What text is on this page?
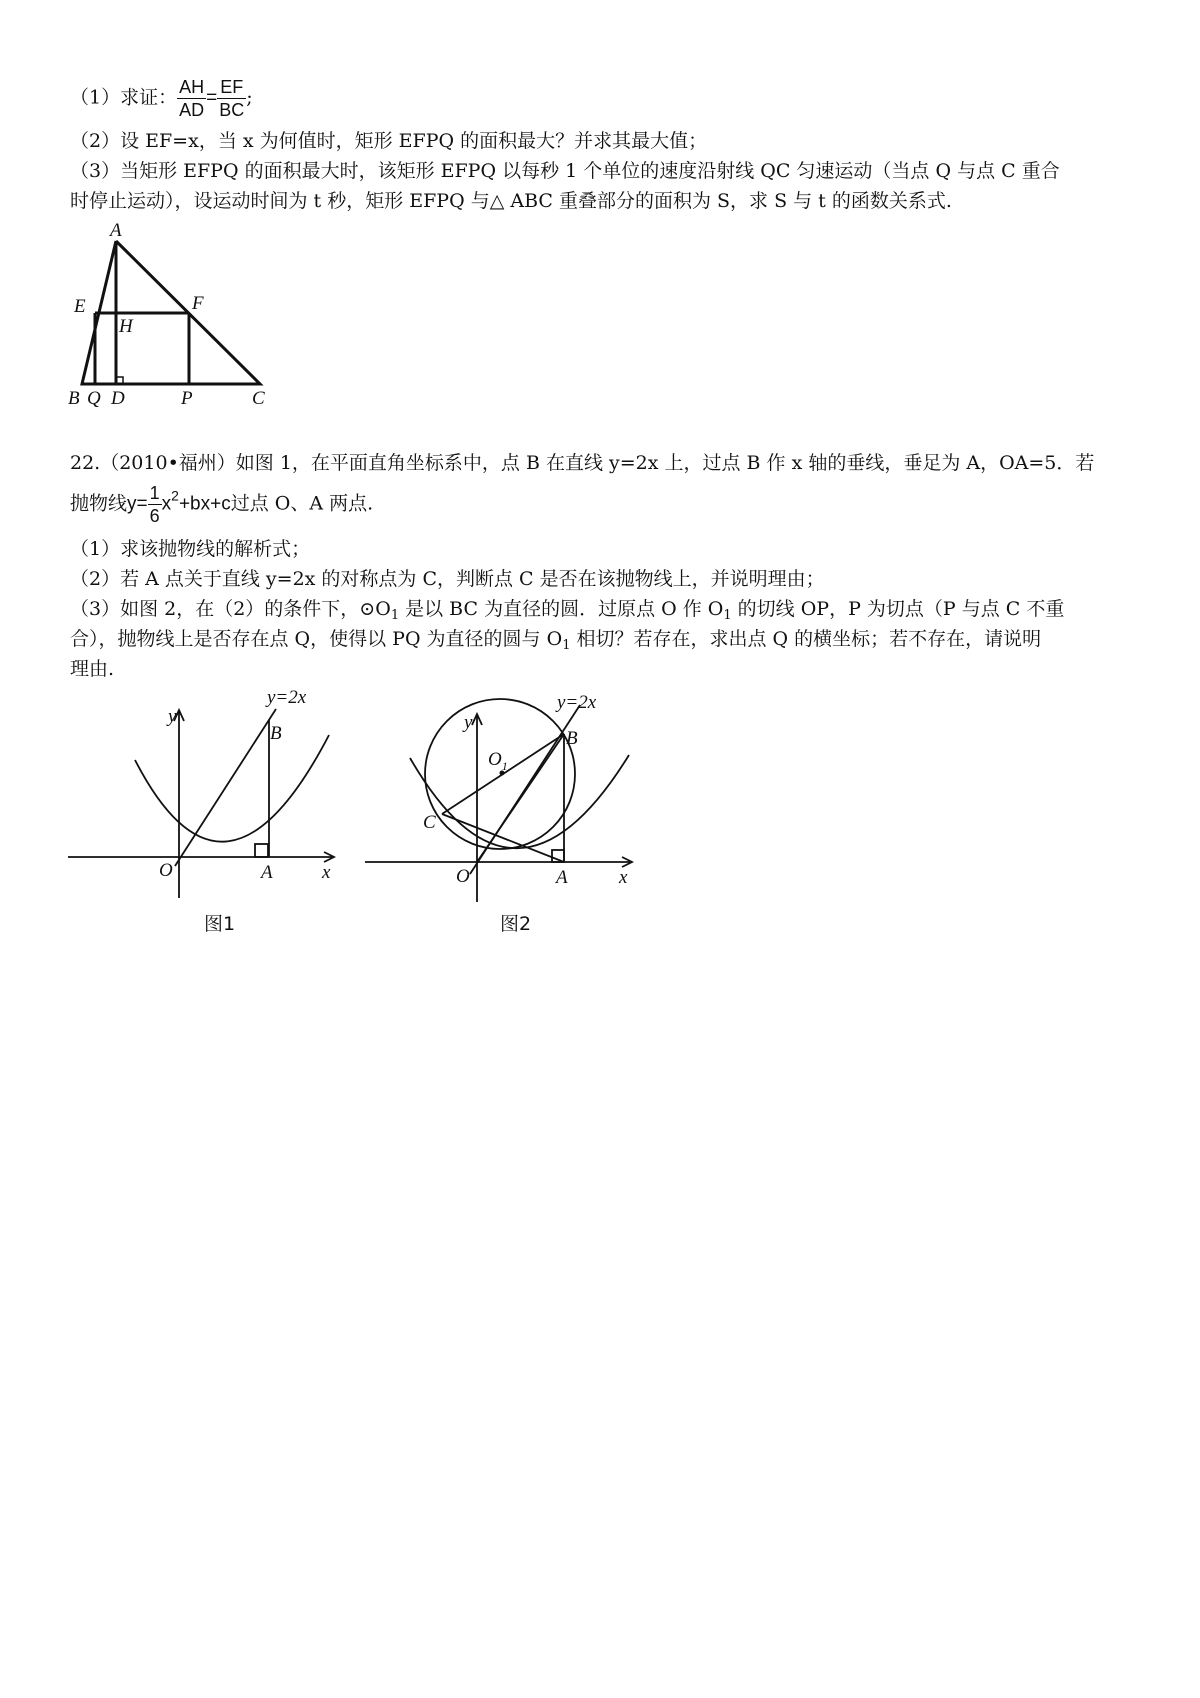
（1）求证： $\frac{AH}{AD} = \frac{EF}{BC}$ ;
（2）设 EF=x，当 x 为何值时，矩形 EFPQ 的面积最大？并求其最大值；
（3）当矩形 EFPQ 的面积最大时，该矩形 EFPQ 以每秒 1 个单位的速度沿射线 QC 匀速运动（当点 Q 与点 C 重合
时停止运动），设运动时间为 t 秒，矩形 EFPQ 与△ ABC 重叠部分的面积为 S，求 S 与 t 的函数关系式.
A
E	F
H
B Q D	P	C
22.（2010•福州）如图 1，在平面直角坐标系中，点 B 在直线 y=2x 上，过点 B 作 x 轴的垂线，垂足为 A，OA=5．若
抛物线$y= \frac{1}{6} x^2+bx+c$过点 O、A 两点.
（1）求该抛物线的解析式；
（2）若 A 点关于直线 y=2x 的对称点为 C，判断点 C 是否在该抛物线上，并说明理由；
（3）如图 2，在（2）的条件下，$⊙O_1$ 是以 BC 为直径的圆．过原点 O 作 $O_1$ 的切线 OP，P 为切点（P 与点 C 不重
合），抛物线上是否存在点 Q，使得以 PQ 为直径的圆与 $O_1$ 相切？若存在，求出点 Q 的横坐标；若不存在，请说明
理由.
y=2x
B
y
O	A	x
图1
y=2x
B
y
$O_1$
C
O	A	x
图2
